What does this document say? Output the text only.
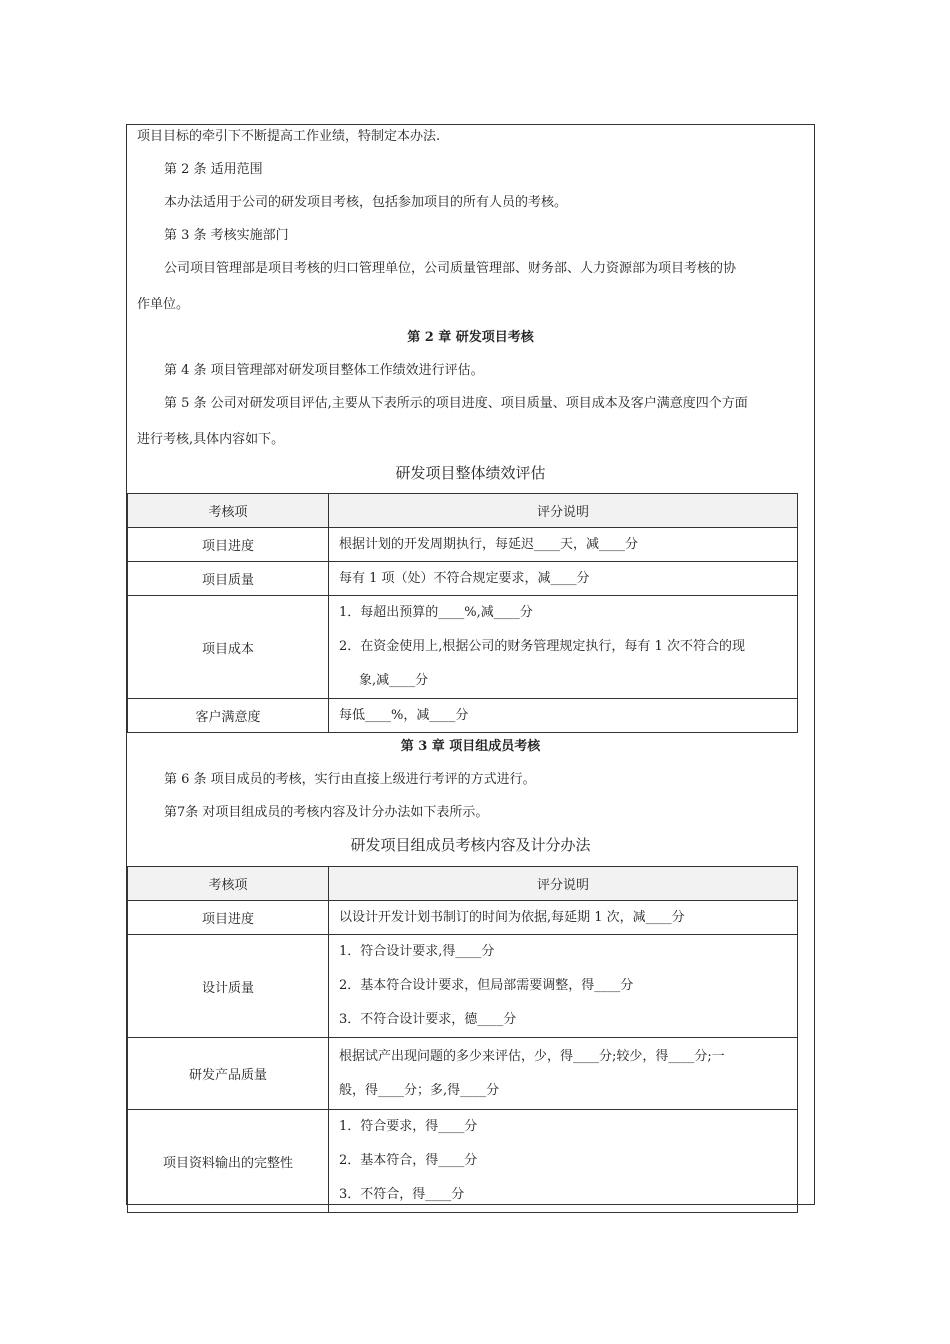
项目目标的牵引下不断提高工作业绩，特制定本办法.
第 2 条 适用范围
本办法适用于公司的研发项目考核，包括参加项目的所有人员的考核。
第 3 条 考核实施部门
公司项目管理部是项目考核的归口管理单位，公司质量管理部、财务部、人力资源部为项目考核的协
作单位。
第 2 章 研发项目考核
第 4 条 项目管理部对研发项目整体工作绩效进行评估。
第 5 条 公司对研发项目评估,主要从下表所示的项目进度、项目质量、项目成本及客户满意度四个方面
进行考核,具体内容如下。
研发项目整体绩效评估
考核项	评分说明
项目进度	根据计划的开发周期执行，每延迟____天，减____分

项目质量	每有 1 项（处）不符合规定要求，减____分

项目成本	1．每超出预算的____%,减____分
2．在资金使用上,根据公司的财务管理规定执行，每有 1 次不符合的现
象,减____分

客户满意度	每低____%，减____分
第 3 章 项目组成员考核
第 6 条 项目成员的考核，实行由直接上级进行考评的方式进行。
第7条 对项目组成员的考核内容及计分办法如下表所示。
研发项目组成员考核内容及计分办法
考核项	评分说明
项目进度	以设计开发计划书制订的时间为依据,每延期 1 次，减____分

设计质量	1．符合设计要求,得____分
2．基本符合设计要求，但局部需要调整，得____分
3．不符合设计要求，德____分

研发产品质量	根据试产出现问题的多少来评估，少，得____分;较少，得____分;一
般，得____分；多,得____分

项目资料输出的完整性	1．符合要求，得____分
2．基本符合，得____分
3．不符合，得____分
